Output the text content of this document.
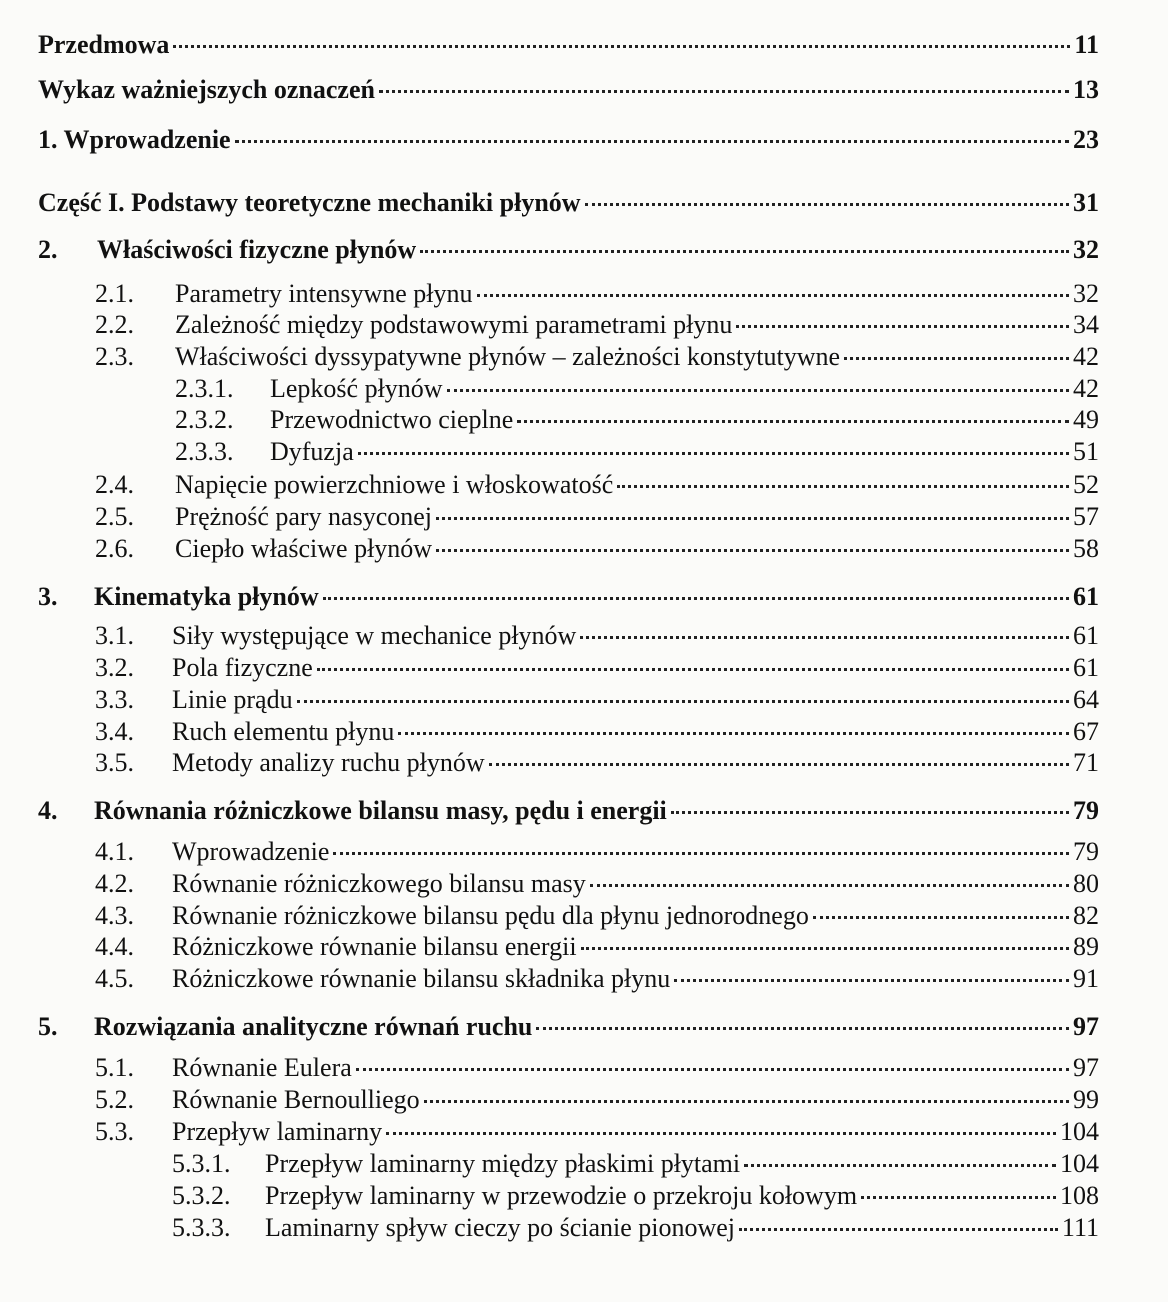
Przedmowa	11
Wykaz ważniejszych oznaczeń	13
1. Wprowadzenie	23
Część I. Podstawy teoretyczne mechaniki płynów	31
2. Właściwości fizyczne płynów	32
2.1. Parametry intensywne płynu	32
2.2. Zależność między podstawowymi parametrami płynu	34
2.3. Właściwości dyssypatywne płynów – zależności konstytutywne	42
2.3.1. Lepkość płynów	42
2.3.2. Przewodnictwo cieplne	49
2.3.3. Dyfuzja	51
2.4. Napięcie powierzchniowe i włoskowatość	52
2.5. Prężność pary nasyconej	57
2.6. Ciepło właściwe płynów	58
3. Kinematyka płynów	61
3.1. Siły występujące w mechanice płynów	61
3.2. Pola fizyczne	61
3.3. Linie prądu	64
3.4. Ruch elementu płynu	67
3.5. Metody analizy ruchu płynów	71
4. Równania różniczkowe bilansu masy, pędu i energii	79
4.1. Wprowadzenie	79
4.2. Równanie różniczkowego bilansu masy	80
4.3. Równanie różniczkowe bilansu pędu dla płynu jednorodnego	82
4.4. Różniczkowe równanie bilansu energii	89
4.5. Różniczkowe równanie bilansu składnika płynu	91
5. Rozwiązania analityczne równań ruchu	97
5.1. Równanie Eulera	97
5.2. Równanie Bernoulliego	99
5.3. Przepływ laminarny	104
5.3.1. Przepływ laminarny między płaskimi płytami	104
5.3.2. Przepływ laminarny w przewodzie o przekroju kołowym	108
5.3.3. Laminarny spływ cieczy po ścianie pionowej	111
